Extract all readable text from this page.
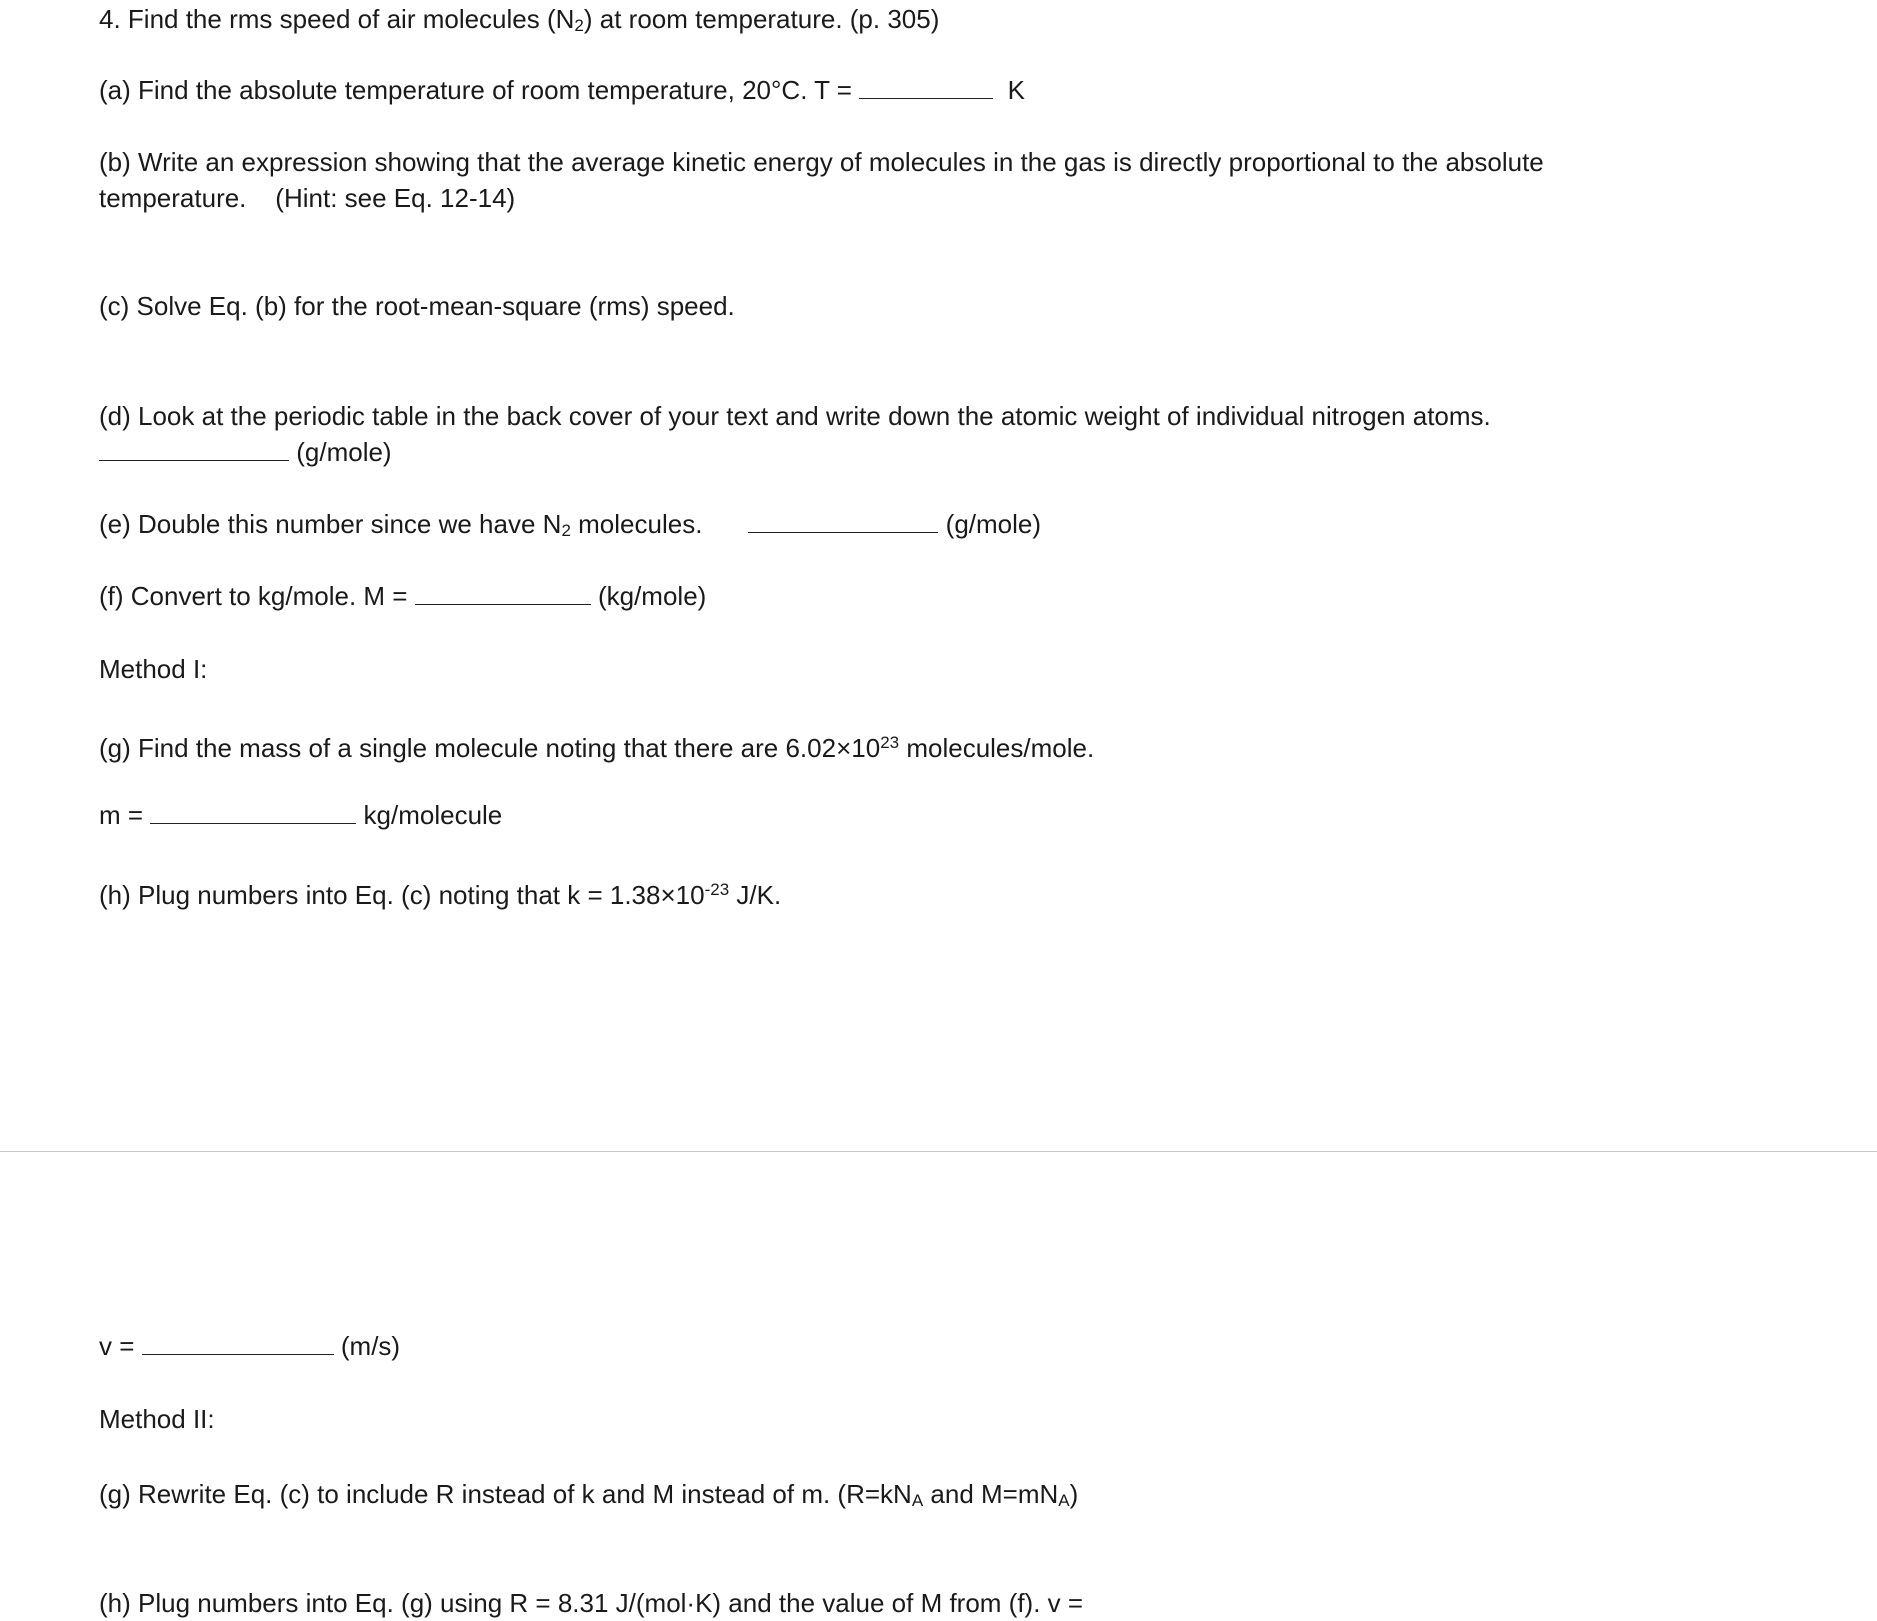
4. Find the rms speed of air molecules $(N_2)$ at room temperature. (p. 305)
(a) Find the absolute temperature of room temperature, 20°C. T =	K
(b) Write an expression showing that the average kinetic energy of molecules in the gas is directly proportional to the absolute
temperature.    (Hint: see Eq. 12-14)
(c) Solve Eq. (b) for the root-mean-square (rms) speed.
(d) Look at the periodic table in the back cover of your text and write down the atomic weight of individual nitrogen atoms.
(g/mole)
(e) Double this number since we have $N_2$ molecules.	(g/mole)
(f) Convert to kg/mole. M =	(kg/mole)
Method I:
(g) Find the mass of a single molecule noting that there are $6.02\times 10^{23}$ molecules/mole.
m =	kg/molecule
(h) Plug numbers into Eq. (c) noting that $k = 1.38\times 10^{-23}$ J/K.
v =	(m/s)
Method II:
(g) Rewrite Eq. (c) to include R instead of k and M instead of m. ($R=kN_A$ and $M=mN_A$)
(h) Plug numbers into Eq. (g) using R = 8.31 J/(mol·K) and the value of M from (f). v =
